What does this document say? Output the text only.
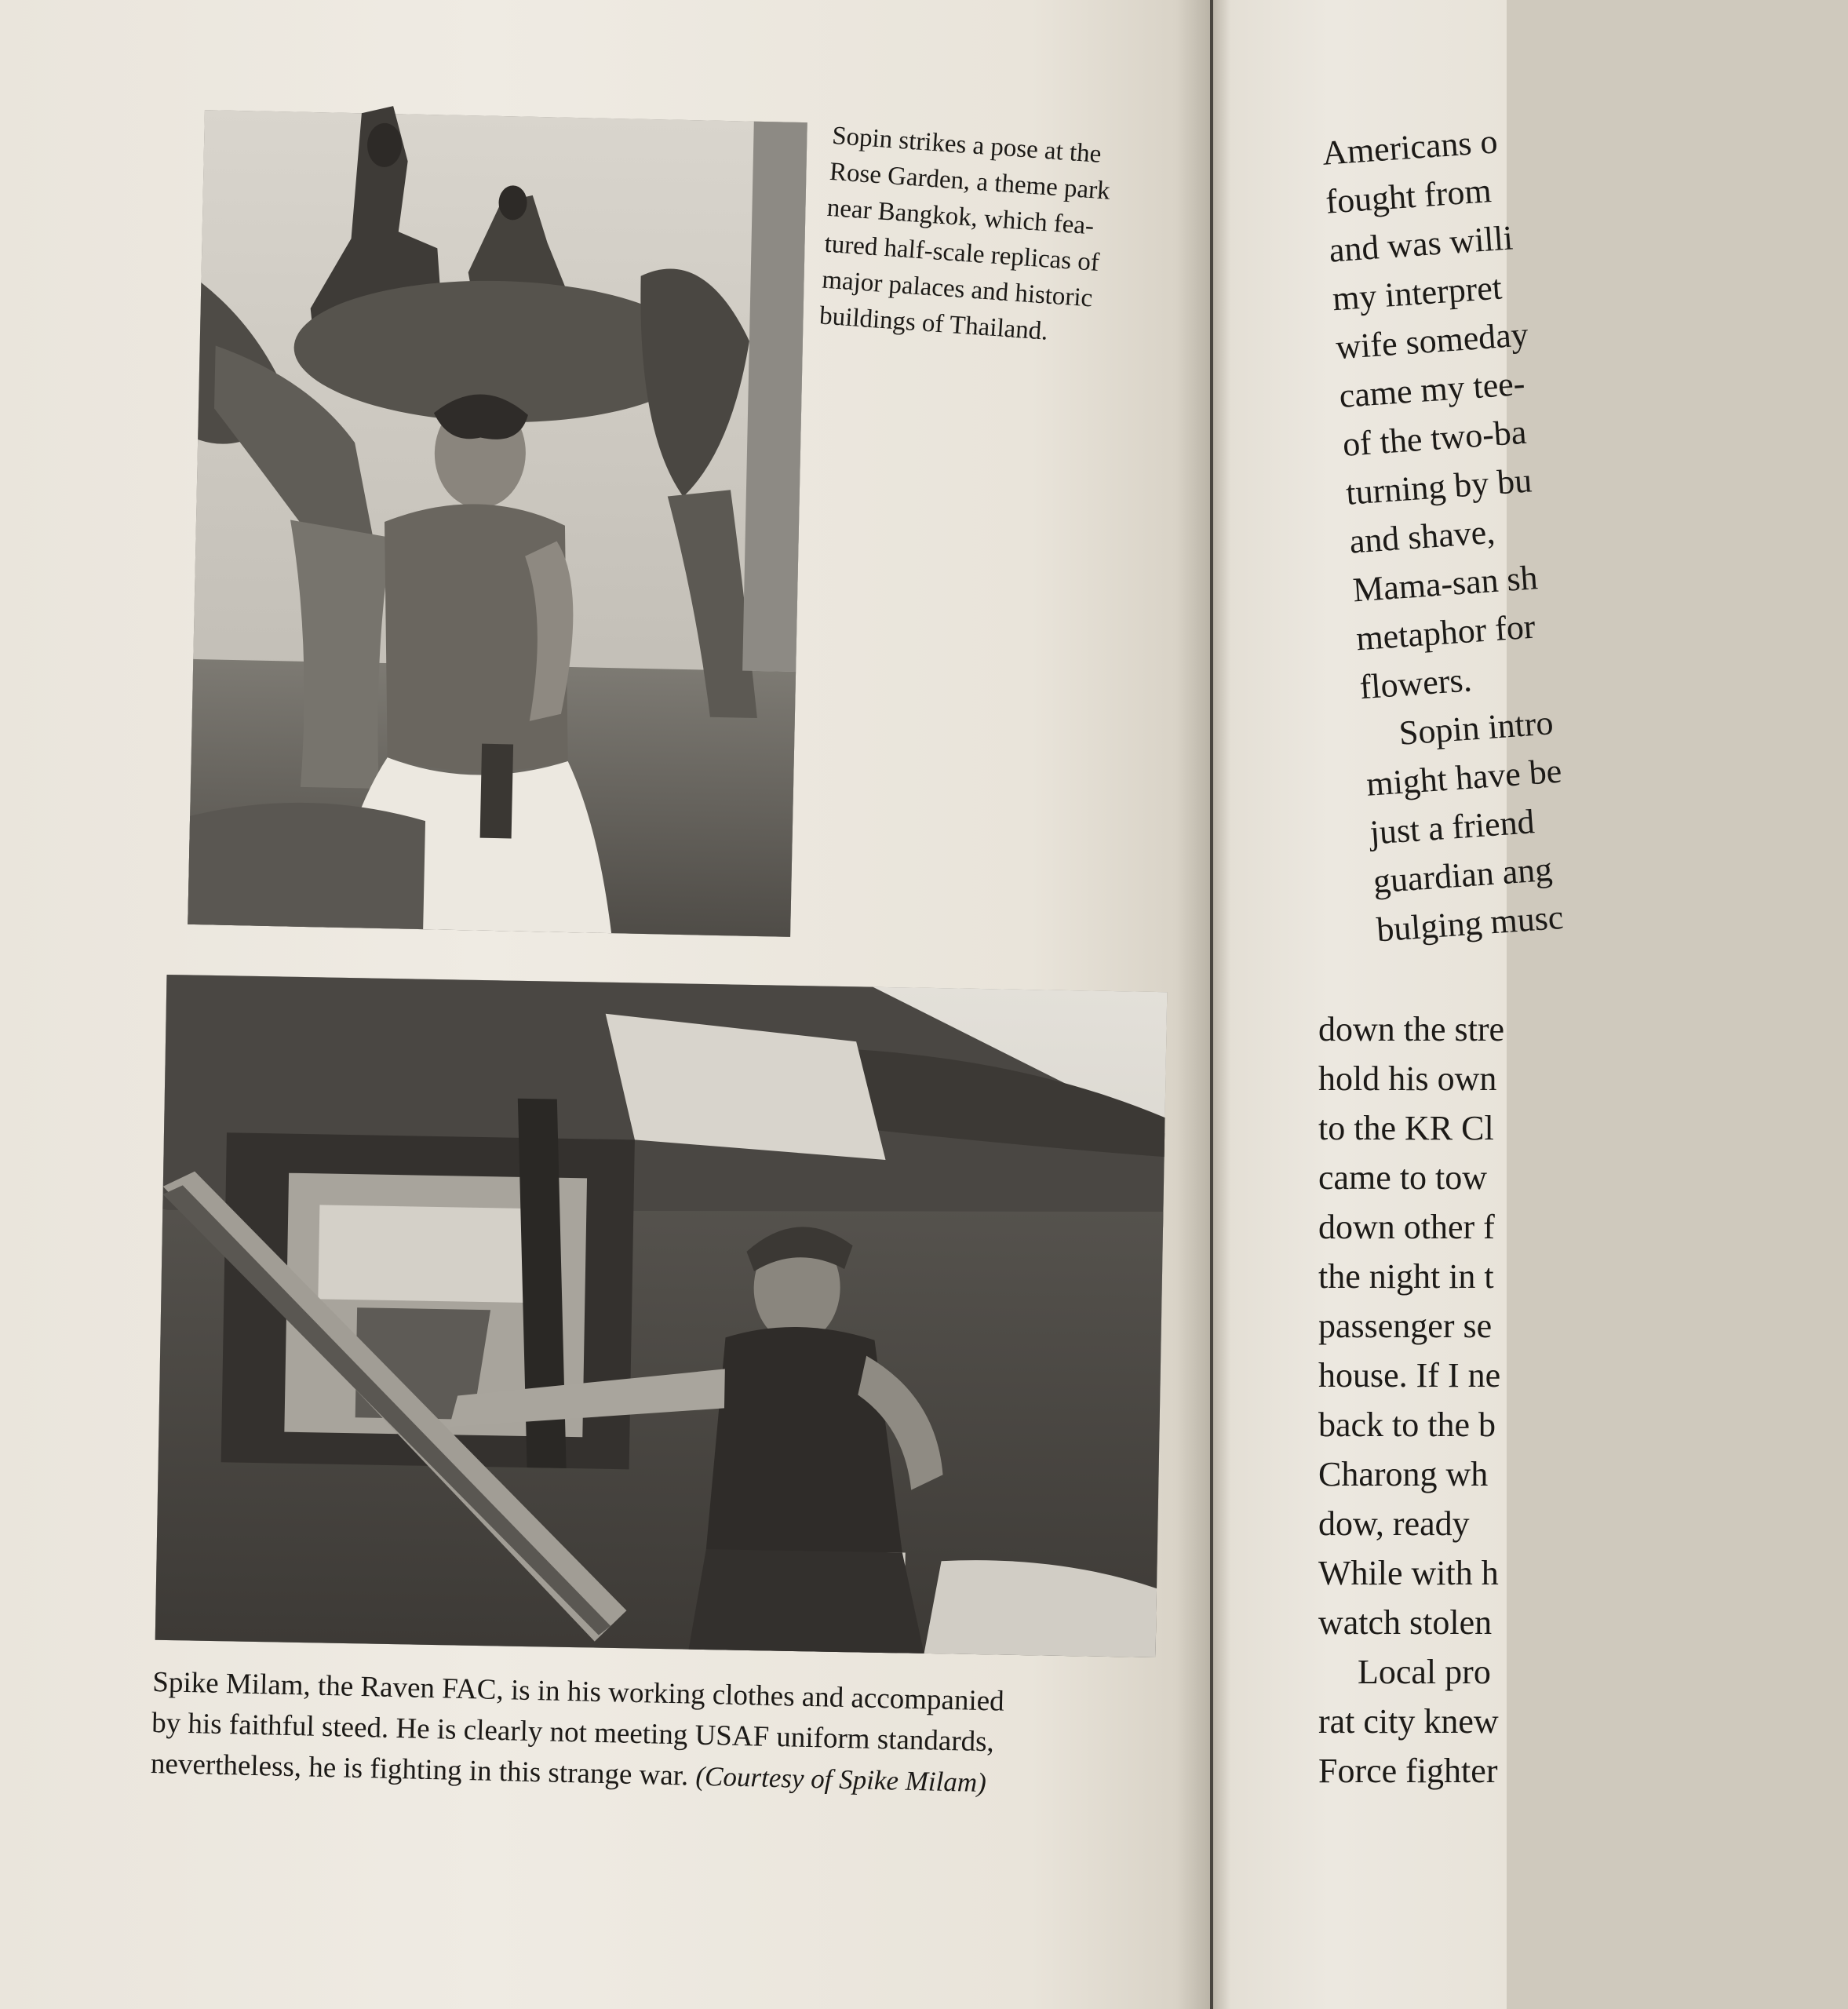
Sopin strikes a pose at the
Rose Garden, a theme park
near Bangkok, which fea-
tured half-scale replicas of
major palaces and historic
buildings of Thailand.
Spike Milam, the Raven FAC, is in his working clothes and accompanied
by his faithful steed. He is clearly not meeting USAF uniform standards,
nevertheless, he is fighting in this strange war. (Courtesy of Spike Milam)
Americans o
fought from
and was willi
my interpret
wife someday
came my tee-
of the two-ba
turning by bu
and shave,
Mama-san sh
metaphor for
flowers.
Sopin intro
might have be
just a friend
guardian ang
bulging musc
down the stre
hold his own
to the KR Cl
came to tow
down other f
the night in t
passenger se
house. If I ne
back to the b
Charong wh
dow, ready
While with h
watch stolen
Local pro
rat city knew
Force fighter
